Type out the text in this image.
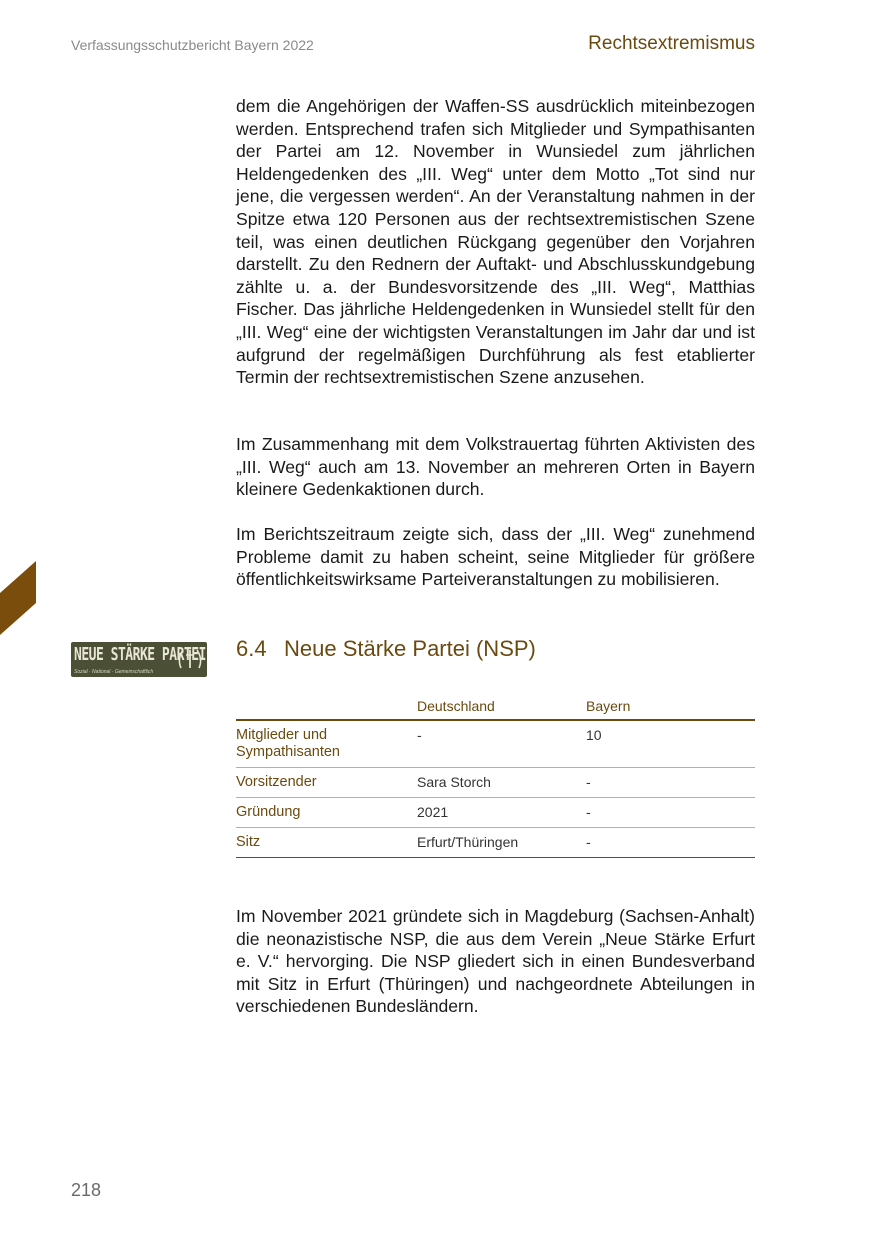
Verfassungsschutzbericht Bayern 2022	Rechtsextremismus

dem die Angehörigen der Waffen-SS ausdrücklich miteinbezogen werden. Entsprechend trafen sich Mitglieder und Sympathisanten der Partei am 12. November in Wunsiedel zum jährlichen Heldengedenken des „III. Weg“ unter dem Motto „Tot sind nur jene, die vergessen werden“. An der Veranstaltung nahmen in der Spitze etwa 120 Personen aus der rechtsextremistischen Szene teil, was einen deutlichen Rückgang gegenüber den Vorjahren darstellt. Zu den Rednern der Auftakt- und Abschlusskundgebung zählte u. a. der Bundesvorsitzende des „III. Weg“, Matthias Fischer. Das jährliche Heldengedenken in Wunsiedel stellt für den „III. Weg“ eine der wichtigsten Veranstaltungen im Jahr dar und ist aufgrund der regelmäßigen Durchführung als fest etablierter Termin der rechtsextremistischen Szene anzusehen.

Im Zusammenhang mit dem Volkstrauertag führten Aktivisten des „III. Weg“ auch am 13. November an mehreren Orten in Bayern kleinere Gedenkaktionen durch.

Im Berichtszeitraum zeigte sich, dass der „III. Weg“ zunehmend Probleme damit zu haben scheint, seine Mitglieder für größere öffentlichkeitswirksame Parteiveranstaltungen zu mobilisieren.

NEUE STÄRKE PARTEI
Sozial · National · Gemeinschaftlich
6.4 Neue Stärke Partei (NSP)
	Deutschland	Bayern
Mitglieder und Sympathisanten	-	10
Vorsitzender	Sara Storch	-
Gründung	2021	-
Sitz	Erfurt/Thüringen	-

Im November 2021 gründete sich in Magdeburg (Sachsen-Anhalt) die neonazistische NSP, die aus dem Verein „Neue Stärke Erfurt e. V.“ hervorging. Die NSP gliedert sich in einen Bundesverband mit Sitz in Erfurt (Thüringen) und nachgeordnete Abteilungen in verschiedenen Bundesländern.

218
